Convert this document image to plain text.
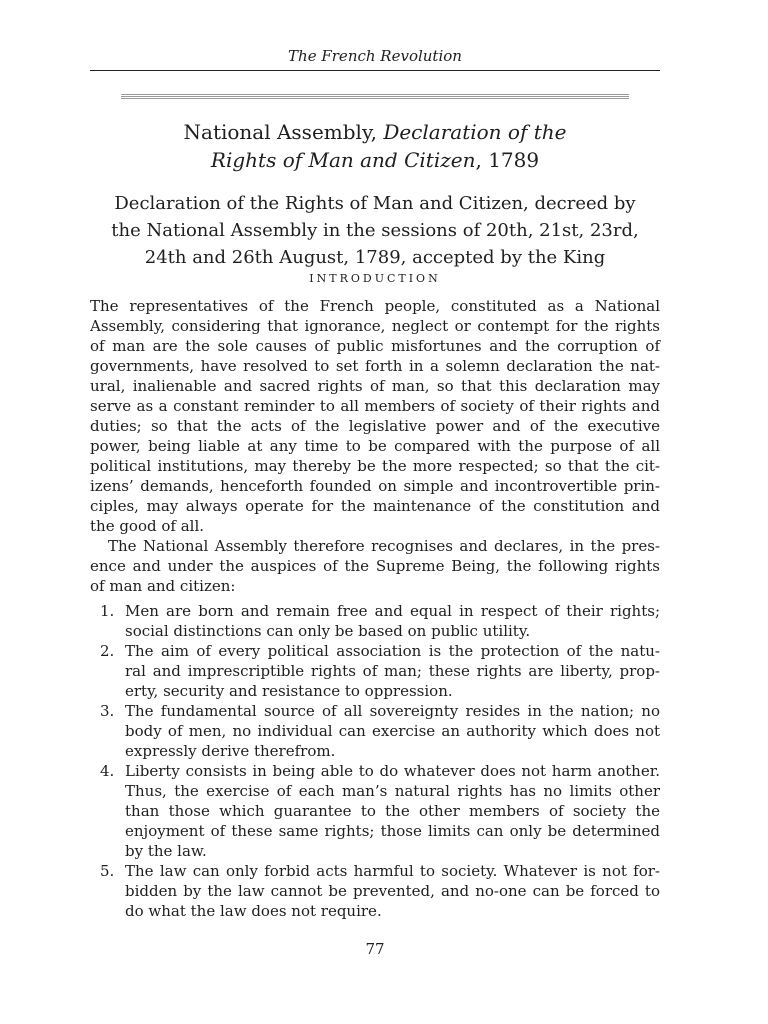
The French Revolution
National Assembly, Declaration of the
Rights of Man and Citizen, 1789
Declaration of the Rights of Man and Citizen, decreed by
the National Assembly in the sessions of 20th, 21st, 23rd,
24th and 26th August, 1789, accepted by the King
INTRODUCTION
The representatives of the French people, constituted as a National
Assembly, considering that ignorance, neglect or contempt for the rights
of man are the sole causes of public misfortunes and the corruption of
governments, have resolved to set forth in a solemn declaration the nat-
ural, inalienable and sacred rights of man, so that this declaration may
serve as a constant reminder to all members of society of their rights and
duties; so that the acts of the legislative power and of the executive
power, being liable at any time to be compared with the purpose of all
political institutions, may thereby be the more respected; so that the cit-
izens’ demands, henceforth founded on simple and incontrovertible prin-
ciples, may always operate for the maintenance of the constitution and
the good of all.
The National Assembly therefore recognises and declares, in the pres-
ence and under the auspices of the Supreme Being, the following rights
of man and citizen:
1. Men are born and remain free and equal in respect of their rights;
social distinctions can only be based on public utility.
2. The aim of every political association is the protection of the natu-
ral and imprescriptible rights of man; these rights are liberty, prop-
erty, security and resistance to oppression.
3. The fundamental source of all sovereignty resides in the nation; no
body of men, no individual can exercise an authority which does not
expressly derive therefrom.
4. Liberty consists in being able to do whatever does not harm another.
Thus, the exercise of each man’s natural rights has no limits other
than those which guarantee to the other members of society the
enjoyment of these same rights; those limits can only be determined
by the law.
5. The law can only forbid acts harmful to society. Whatever is not for-
bidden by the law cannot be prevented, and no-one can be forced to
do what the law does not require.
77
